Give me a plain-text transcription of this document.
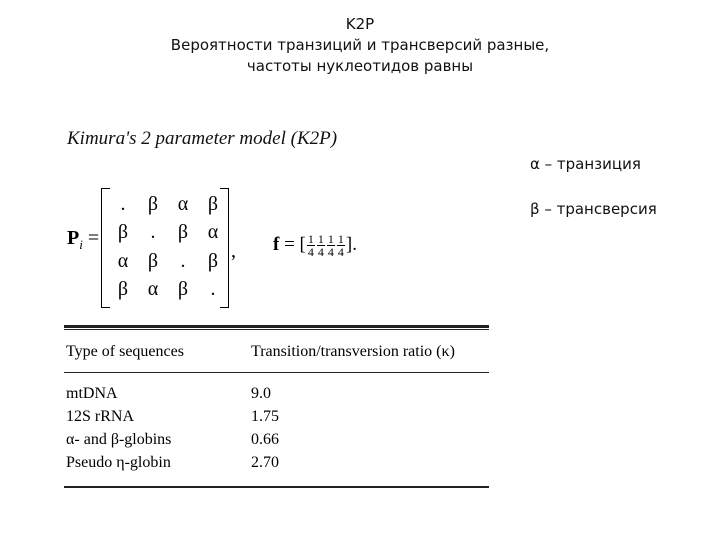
K2P
Вероятности транзиций и трансверсий разные,
частоты нуклеотидов равны
Kimura's 2 parameter model (K2P)
$P_i$ =
.	β α β
β	.	β α
α β	.	β
β α β	.
, f = [ $\frac{1}{4} \frac{1}{4} \frac{1}{4} \frac{1}{4}$ ].
α – транзиция
β – трансверсия
Type of sequences	Transition/transversion ratio (κ)
mtDNA	9.0
12S rRNA	1.75
α- and β-globins	0.66
Pseudo η-globin	2.70
